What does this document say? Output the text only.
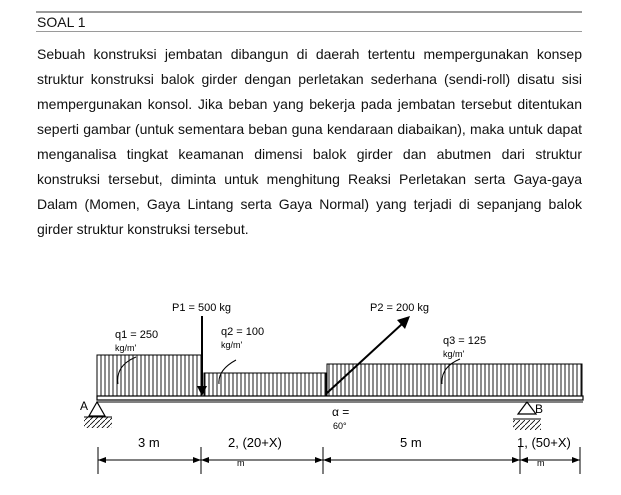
SOAL 1
Sebuah konstruksi jembatan dibangun di daerah tertentu mempergunakan konsep struktur konstruksi balok girder dengan perletakan sederhana (sendi-roll) disatu sisi mempergunakan konsol. Jika beban yang bekerja pada jembatan tersebut ditentukan seperti gambar (untuk sementara beban guna kendaraan diabaikan), maka untuk dapat menganalisa tingkat keamanan dimensi balok girder dan abutmen dari struktur konstruksi tersebut, diminta untuk menghitung Reaksi Perletakan serta Gaya-gaya Dalam (Momen, Gaya Lintang serta Gaya Normal) yang terjadi di sepanjang balok girder struktur konstruksi tersebut.
P1 = 500 kg	P2 = 200 kg
q1 = 250
kg/m'
q2 = 100
kg/m'	q3 = 125
kg/m'
A	B
α =
60°
3 m	2, (20+X)
m
5 m	1, (50+X)
m
